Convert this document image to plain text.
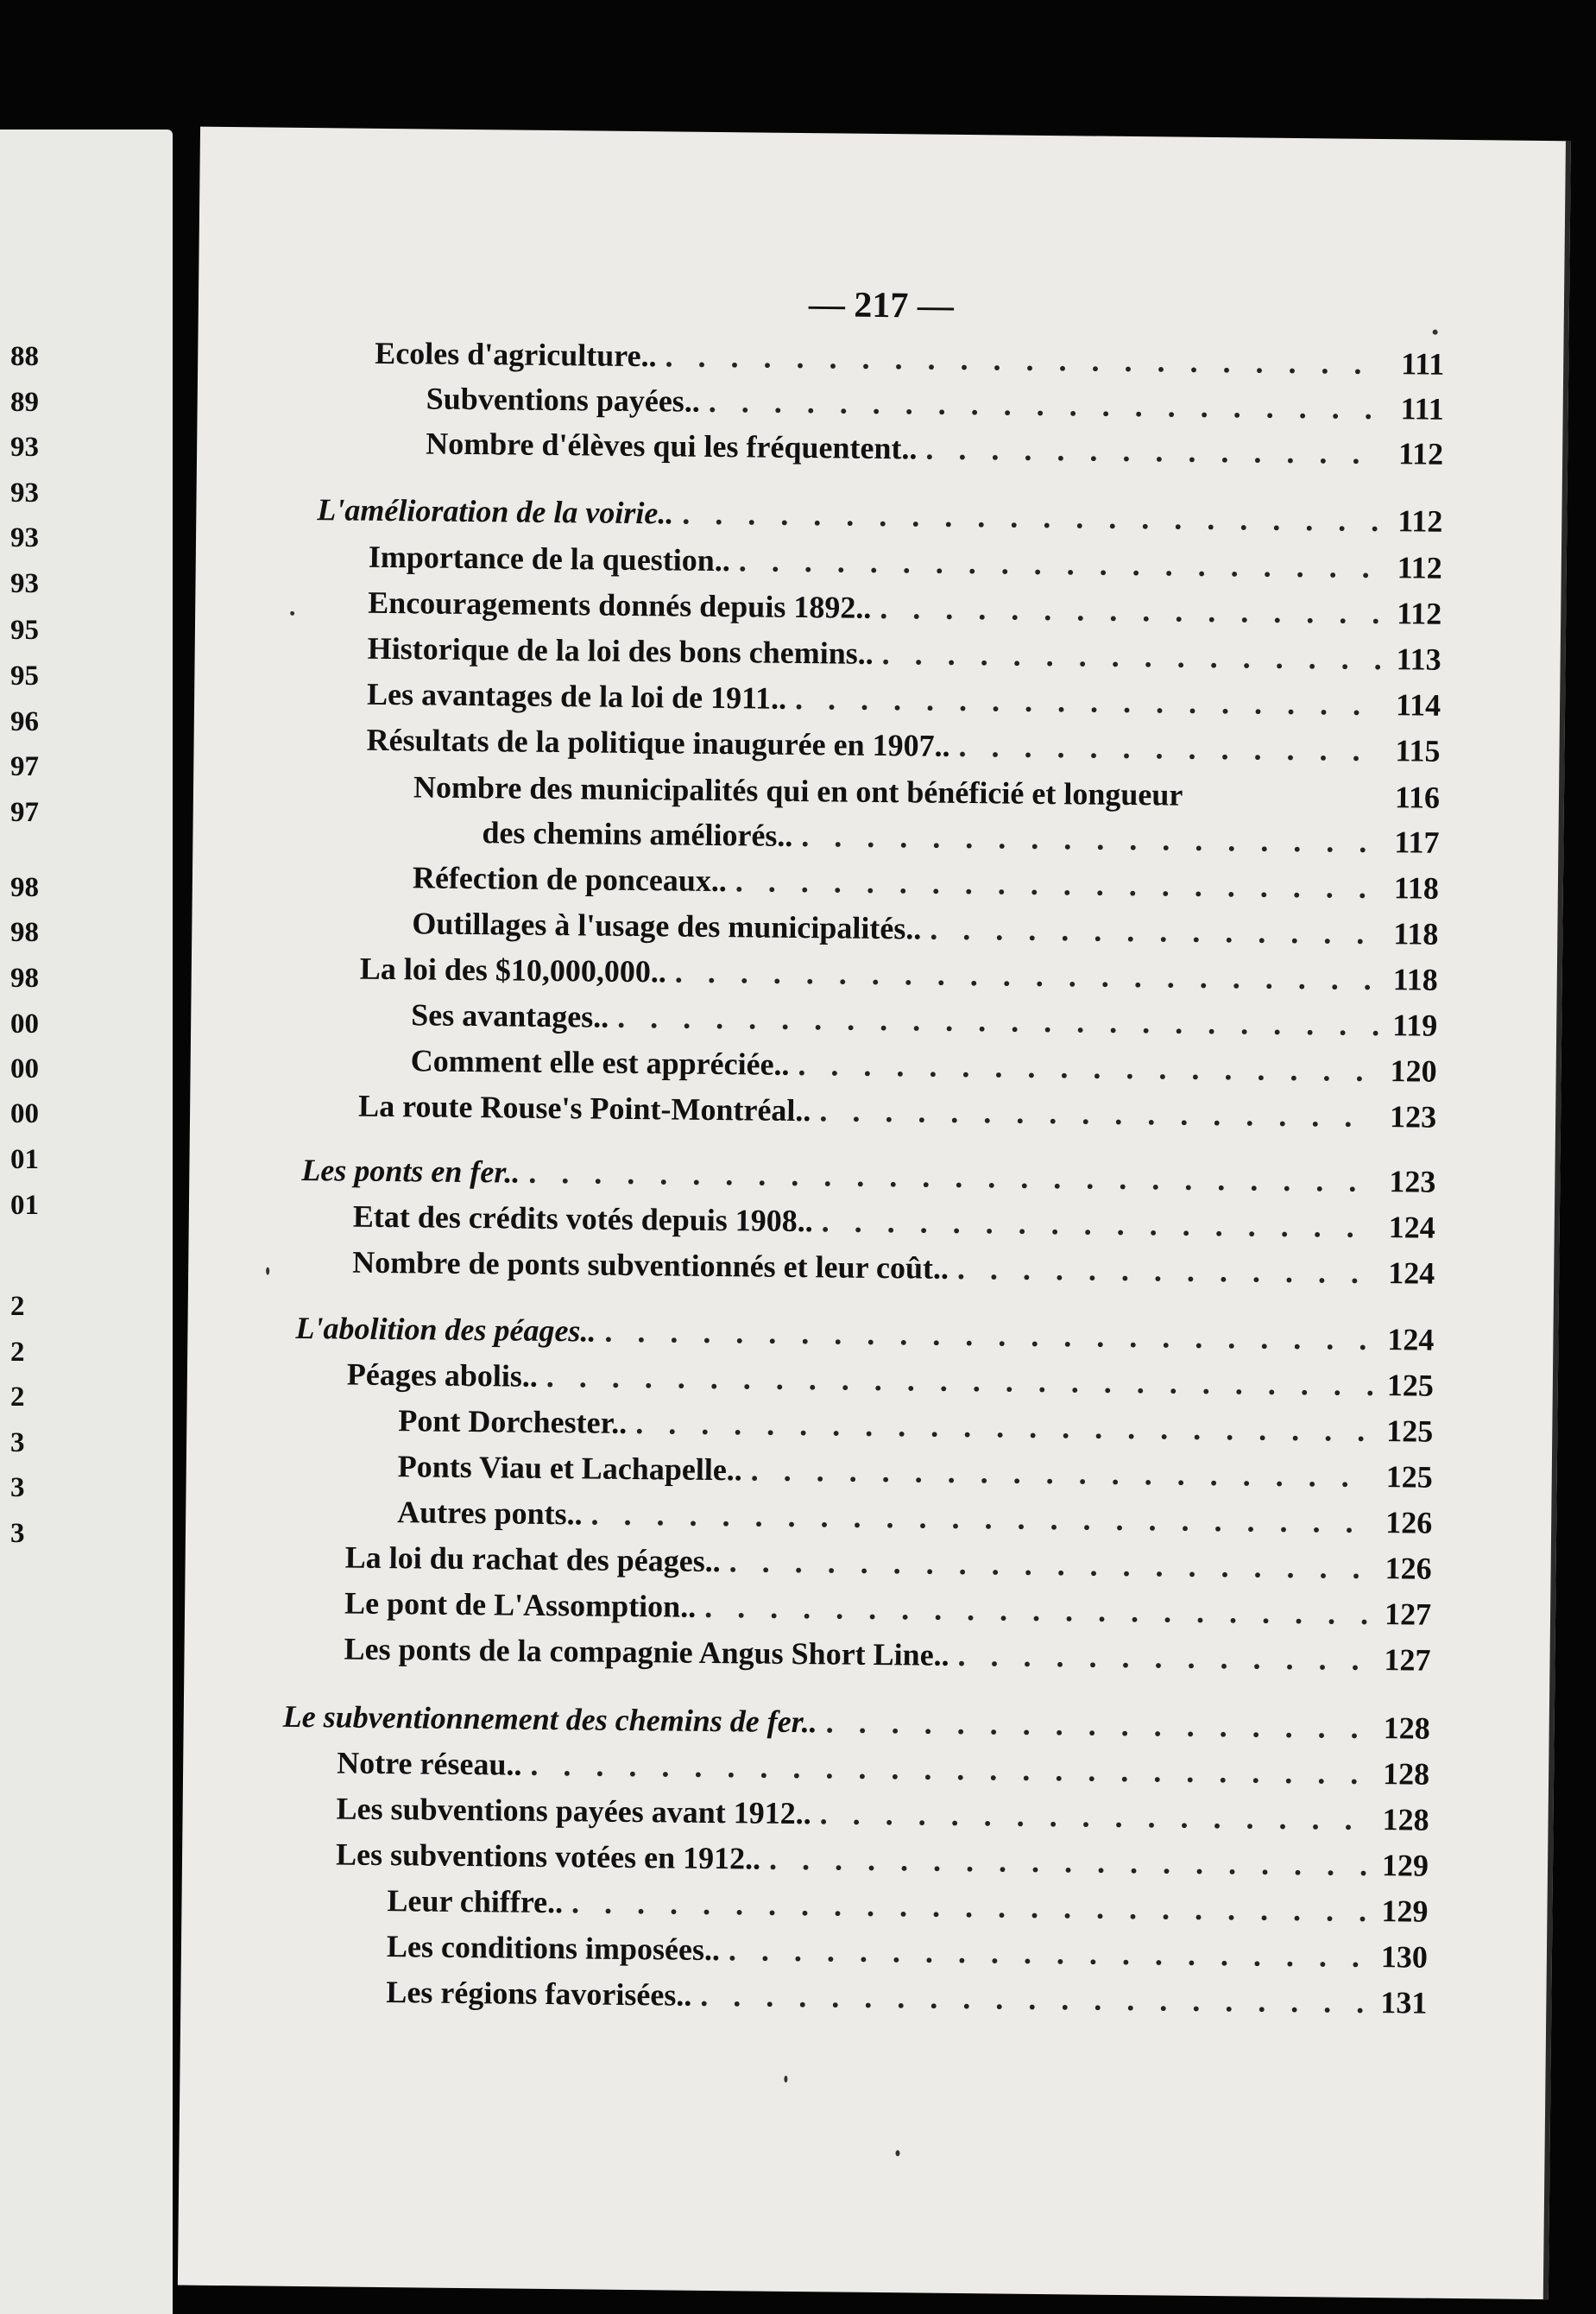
88
89
93
93
93
93
95
95
96
97
97
98
98
98
00
00
00
01
01
2
2
2
3
3
3
— 217 —
Ecoles d'agriculture.. . . .	111
Subventions payées.. . . .	111
Nombre d'élèves qui les fréquentent.. . . .	112
L'amélioration de la voirie.. . . .	112
Importance de la question.. . . .	112
Encouragements donnés depuis 1892.. . . .	112
Historique de la loi des bons chemins.. . . .	113
Les avantages de la loi de 1911.. . . .	114
Résultats de la politique inaugurée en 1907.. . . .	115
Nombre des municipalités qui en ont bénéficié et longueur	116
des chemins améliorés.. . . .	117
Réfection de ponceaux.. . . .	118
Outillages à l'usage des municipalités.. . . .	118
La loi des $10,000,000.. . . .	118
Ses avantages.. . . .	119
Comment elle est appréciée.. . . .	120
La route Rouse's Point-Montréal.. . . .	123
Les ponts en fer.. . . .	123
Etat des crédits votés depuis 1908.. . . .	124
Nombre de ponts subventionnés et leur coût.. . . .	124
L'abolition des péages.. . . .	124
Péages abolis.. . . .	125
Pont Dorchester.. . . .	125
Ponts Viau et Lachapelle.. . . .	125
Autres ponts.. . . .	126
La loi du rachat des péages.. . . .	126
Le pont de L'Assomption.. . . .	127
Les ponts de la compagnie Angus Short Line.. . . .	127
Le subventionnement des chemins de fer.. . . .	128
Notre réseau.. . . .	128
Les subventions payées avant 1912.. . . .	128
Les subventions votées en 1912.. . . .	129
Leur chiffre.. . . .	129
Les conditions imposées.. . . .	130
Les régions favorisées.. . . .	131
